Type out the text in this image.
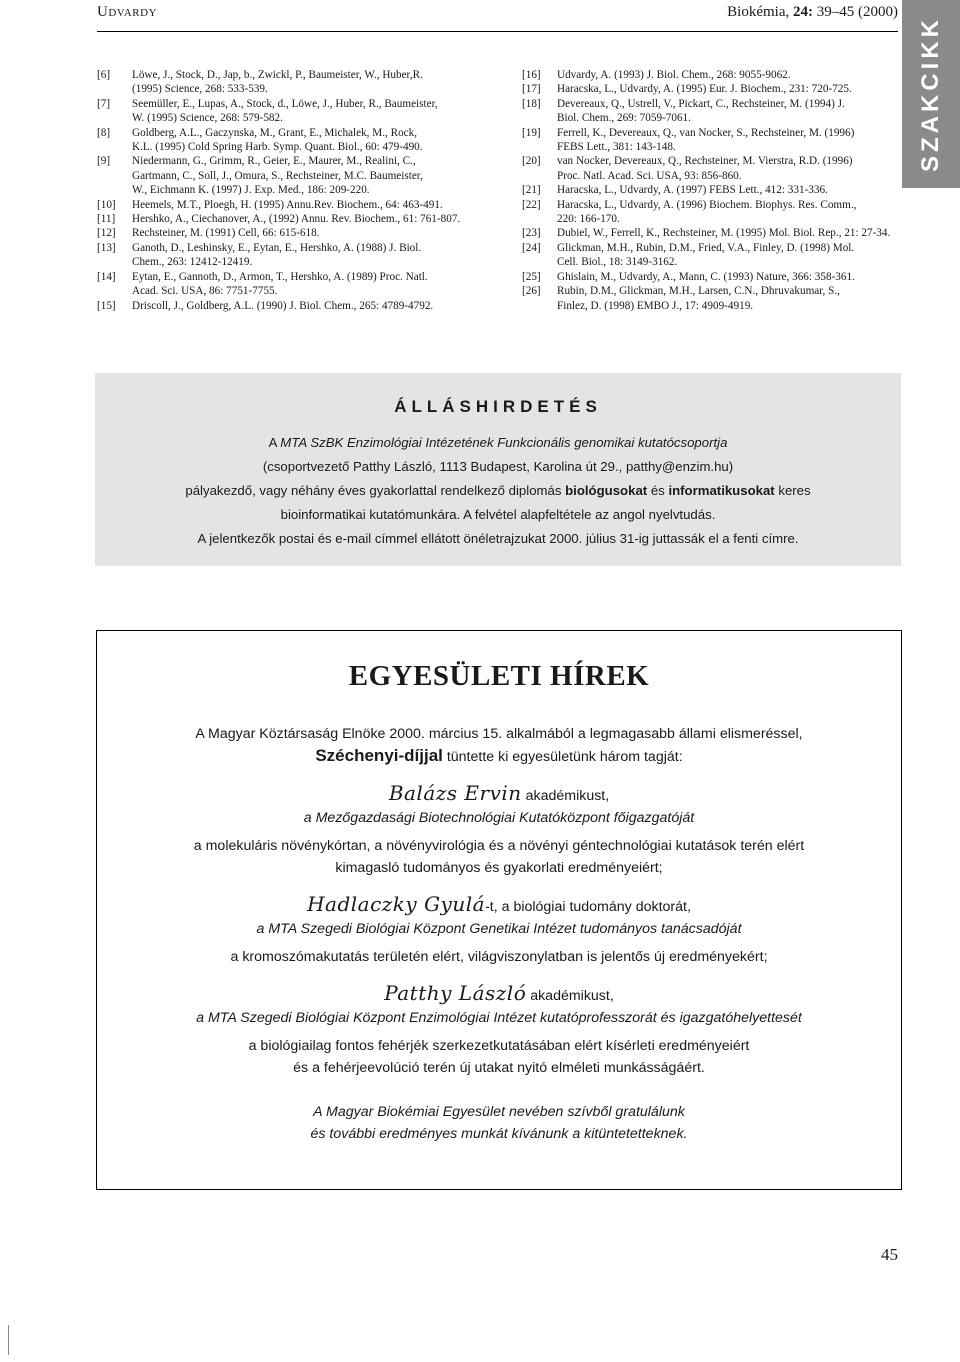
Udvardy	Biokémia, 24: 39–45 (2000)
SZAKCIKK
[6]	Löwe, J., Stock, D., Jap, b., Zwickl, P., Baumeister, W., Huber,R.
(1995) Science, 268: 533-539.
[7]	Seemüller, E., Lupas, A., Stock, d., Löwe, J., Huber, R., Baumeister,
W. (1995) Science, 268: 579-582.
[8]	Goldberg, A.L., Gaczynska, M., Grant, E., Michalek, M., Rock,
K.L. (1995) Cold Spring Harb. Symp. Quant. Biol., 60: 479-490.
[9]	Niedermann, G., Grimm, R., Geier, E., Maurer, M., Realini, C.,
Gartmann, C., Soll, J., Omura, S., Rechsteiner, M.C. Baumeister,
W., Eichmann K. (1997) J. Exp. Med., 186: 209-220.
[10]	Heemels, M.T., Ploegh, H. (1995) Annu.Rev. Biochem., 64: 463-491.
[11]	Hershko, A., Ciechanover, A., (1992) Annu. Rev. Biochem., 61: 761-807.
[12]	Rechsteiner, M. (1991) Cell, 66: 615-618.
[13]	Ganoth, D., Leshinsky, E., Eytan, E., Hershko, A. (1988) J. Biol.
Chem., 263: 12412-12419.
[14]	Eytan, E., Gannoth, D., Armon, T., Hershko, A. (1989) Proc. Natl.
Acad. Sci. USA, 86: 7751-7755.
[15]	Driscoll, J., Goldberg, A.L. (1990) J. Biol. Chem., 265: 4789-4792.
[16]	Udvardy, A. (1993) J. Biol. Chem., 268: 9055-9062.
[17]	Haracska, L., Udvardy, A. (1995) Eur. J. Biochem., 231: 720-725.
[18]	Devereaux, Q., Ustrell, V., Pickart, C., Rechsteiner, M. (1994) J.
Biol. Chem., 269: 7059-7061.
[19]	Ferrell, K., Devereaux, Q., van Nocker, S., Rechsteiner, M. (1996)
FEBS Lett., 381: 143-148.
[20]	van Nocker, Devereaux, Q., Rechsteiner, M. Vierstra, R.D. (1996)
Proc. Natl. Acad. Sci. USA, 93: 856-860.
[21]	Haracska, L., Udvardy, A. (1997) FEBS Lett., 412: 331-336.
[22]	Haracska, L., Udvardy, A. (1996) Biochem. Biophys. Res. Comm.,
220: 166-170.
[23]	Dubiel, W., Ferrell, K., Rechsteiner, M. (1995) Mol. Biol. Rep., 21: 27-34.
[24]	Glickman, M.H., Rubin, D.M., Fried, V.A., Finley, D. (1998) Mol.
Cell. Biol., 18: 3149-3162.
[25]	Ghislain, M., Udvardy, A., Mann, C. (1993) Nature, 366: 358-361.
[26]	Rubin, D.M., Glickman, M.H., Larsen, C.N., Dhruvakumar, S.,
Finlez, D. (1998) EMBO J., 17: 4909-4919.
ÁLLÁSHIRDETÉS
A MTA SzBK Enzimológiai Intézetének Funkcionális genomikai kutatócsoportja
(csoportvezető Patthy László, 1113 Budapest, Karolina út 29., patthy@enzim.hu)
pályakezdő, vagy néhány éves gyakorlattal rendelkező diplomás biológusokat és informatikusokat keres
bioinformatikai kutatómunkára. A felvétel alapfeltétele az angol nyelvtudás.
A jelentkezők postai és e-mail címmel ellátott önéletrajzukat 2000. július 31-ig juttassák el a fenti címre.
EGYESÜLETI HÍREK

A Magyar Köztársaság Elnöke 2000. március 15. alkalmából a legmagasabb állami elismeréssel,

Széchenyi-díjjal tüntette ki egyesületünk három tagját:

Balázs Ervin akadémikust,

a Mezőgazdasági Biotechnológiai Kutatóközpont főigazgatóját

a molekuláris növénykórtan, a növényvirológia és a növényi géntechnológiai kutatások terén elért

kimagasló tudományos és gyakorlati eredményeiért;

Hadlaczky Gyulá-t, a biológiai tudomány doktorát,

a MTA Szegedi Biológiai Központ Genetikai Intézet tudományos tanácsadóját

a kromoszómakutatás területén elért, világviszonylatban is jelentős új eredményekért;

Patthy László akadémikust,

a MTA Szegedi Biológiai Központ Enzimológiai Intézet kutatóprofesszorát és igazgatóhelyettesét

a biológiailag fontos fehérjék szerkezetkutatásában elért kísérleti eredményeiért

és a fehérjeevolúció terén új utakat nyitó elméleti munkásságáért.

A Magyar Biokémiai Egyesület nevében szívből gratulálunk

és további eredményes munkát kívánunk a kitüntetetteknek.

45
